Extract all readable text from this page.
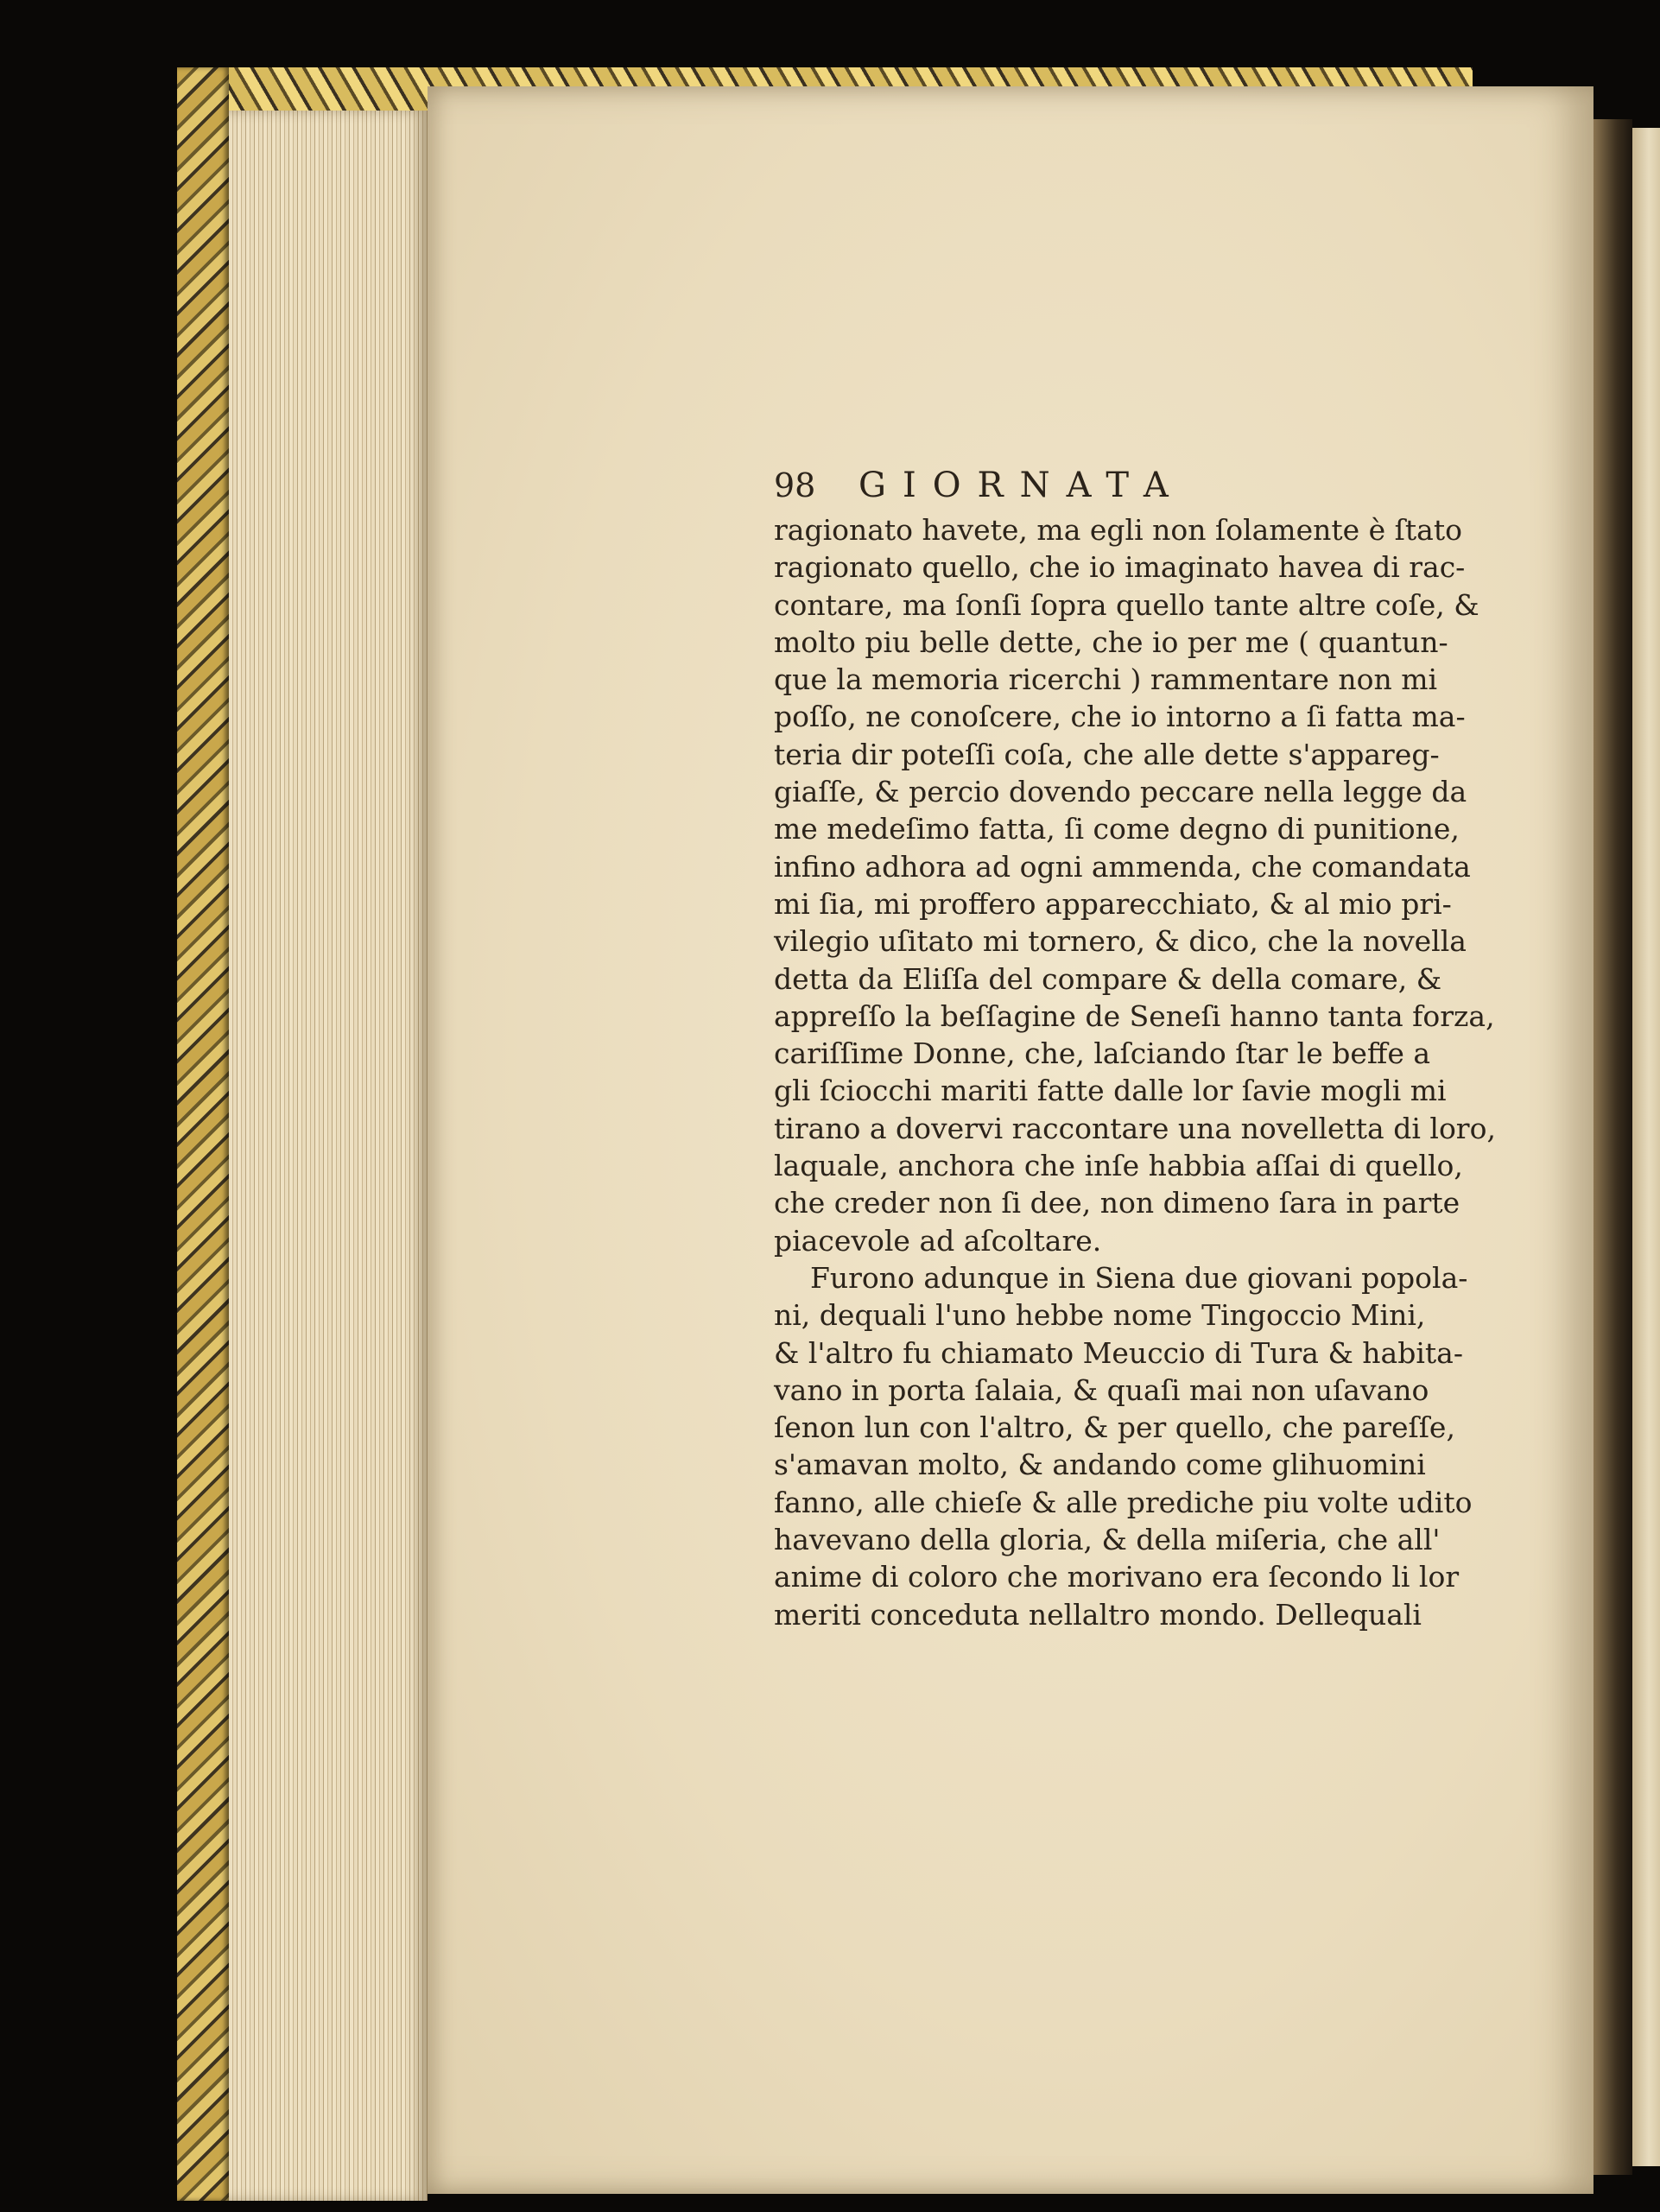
98 GIORNATA
ragionato havete, ma egli non ſolamente è ſtato
ragionato quello, che io imaginato havea di rac-
contare, ma ſonſi ſopra quello tante altre coſe, &
molto piu belle dette, che io per me ( quantun-
que la memoria ricerchi ) rammentare non mi
poſſo, ne conoſcere, che io intorno a ſi fatta ma-
teria dir poteſſi coſa, che alle dette s'appareg-
giaſſe, & percio dovendo peccare nella legge da
me medeſimo fatta, ſi come degno di punitione,
infino adhora ad ogni ammenda, che comandata
mi ſia, mi proffero apparecchiato, & al mio pri-
vilegio uſitato mi tornero, & dico, che la novella
detta da Eliſſa del compare & della comare, &
appreſſo la beſſagine de Seneſi hanno tanta forza,
cariſſime Donne, che, laſciando ſtar le beffe a
gli ſciocchi mariti fatte dalle lor ſavie mogli mi
tirano a dovervi raccontare una novelletta di loro,
laquale, anchora che inſe habbia aſſai di quello,
che creder non ſi dee, non dimeno ſara in parte
piacevole ad aſcoltare.
Furono adunque in Siena due giovani popola-
ni, dequali l'uno hebbe nome Tingoccio Mini,
& l'altro fu chiamato Meuccio di Tura & habita-
vano in porta ſalaia, & quaſi mai non uſavano
ſenon lun con l'altro, & per quello, che pareſſe,
s'amavan molto, & andando come glihuomini
fanno, alle chieſe & alle prediche piu volte udito
havevano della gloria, & della miſeria, che all'
anime di coloro che morivano era ſecondo li lor
meriti conceduta nellaltro mondo. Dellequali
